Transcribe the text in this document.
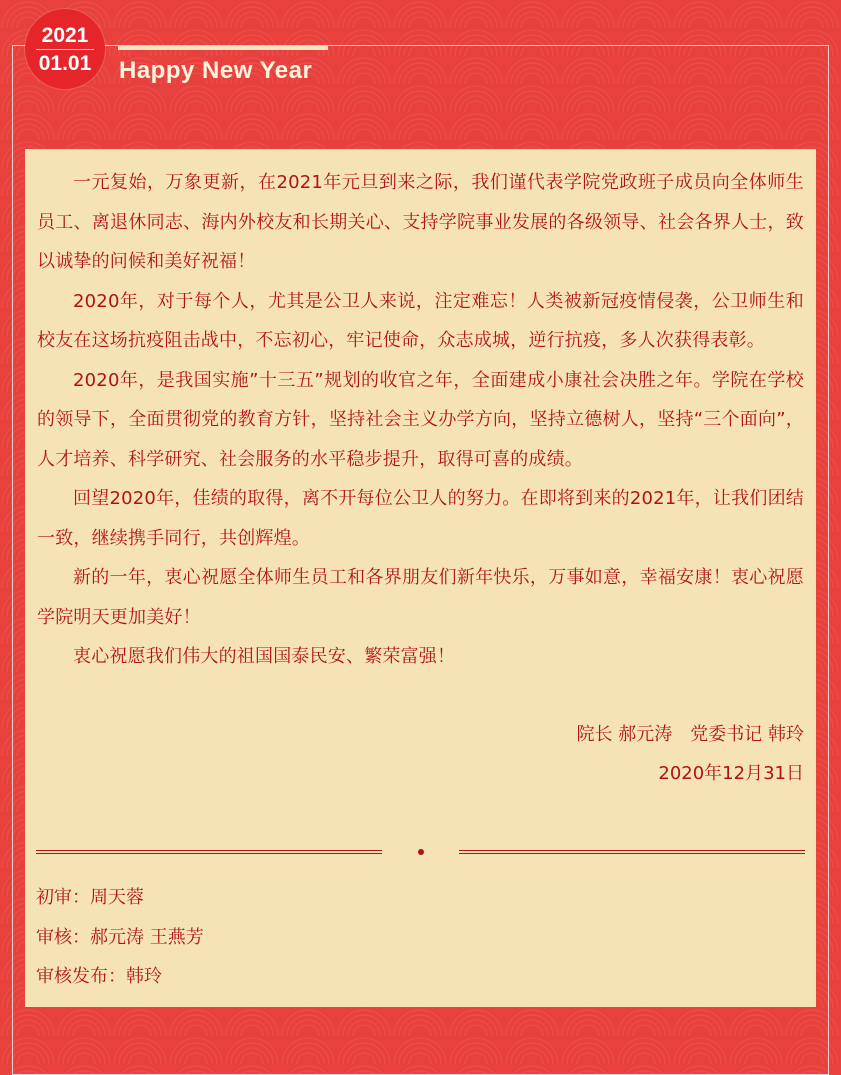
2021
01.01 Happy New Year

一元复始，万象更新，在2021年元旦到来之际，我们谨代表学院党政班子成员向全体师生员工、离退休同志、海内外校友和长期关心、支持学院事业发展的各级领导、社会各界人士，致以诚挚的问候和美好祝福！

2020年，对于每个人，尤其是公卫人来说，注定难忘！人类被新冠疫情侵袭，公卫师生和校友在这场抗疫阻击战中，不忘初心，牢记使命，众志成城，逆行抗疫，多人次获得表彰。

2020年，是我国实施”十三五”规划的收官之年，全面建成小康社会决胜之年。学院在学校的领导下，全面贯彻党的教育方针，坚持社会主义办学方向，坚持立德树人，坚持“三个面向”，人才培养、科学研究、社会服务的水平稳步提升，取得可喜的成绩。

回望2020年，佳绩的取得，离不开每位公卫人的努力。在即将到来的2021年，让我们团结一致，继续携手同行，共创辉煌。

新的一年，衷心祝愿全体师生员工和各界朋友们新年快乐，万事如意，幸福安康！衷心祝愿学院明天更加美好！

衷心祝愿我们伟大的祖国国泰民安、繁荣富强！

院长 郝元涛　党委书记 韩玲
2020年12月31日
初审：周天蓉
审核：郝元涛 王燕芳
审核发布：韩玲
